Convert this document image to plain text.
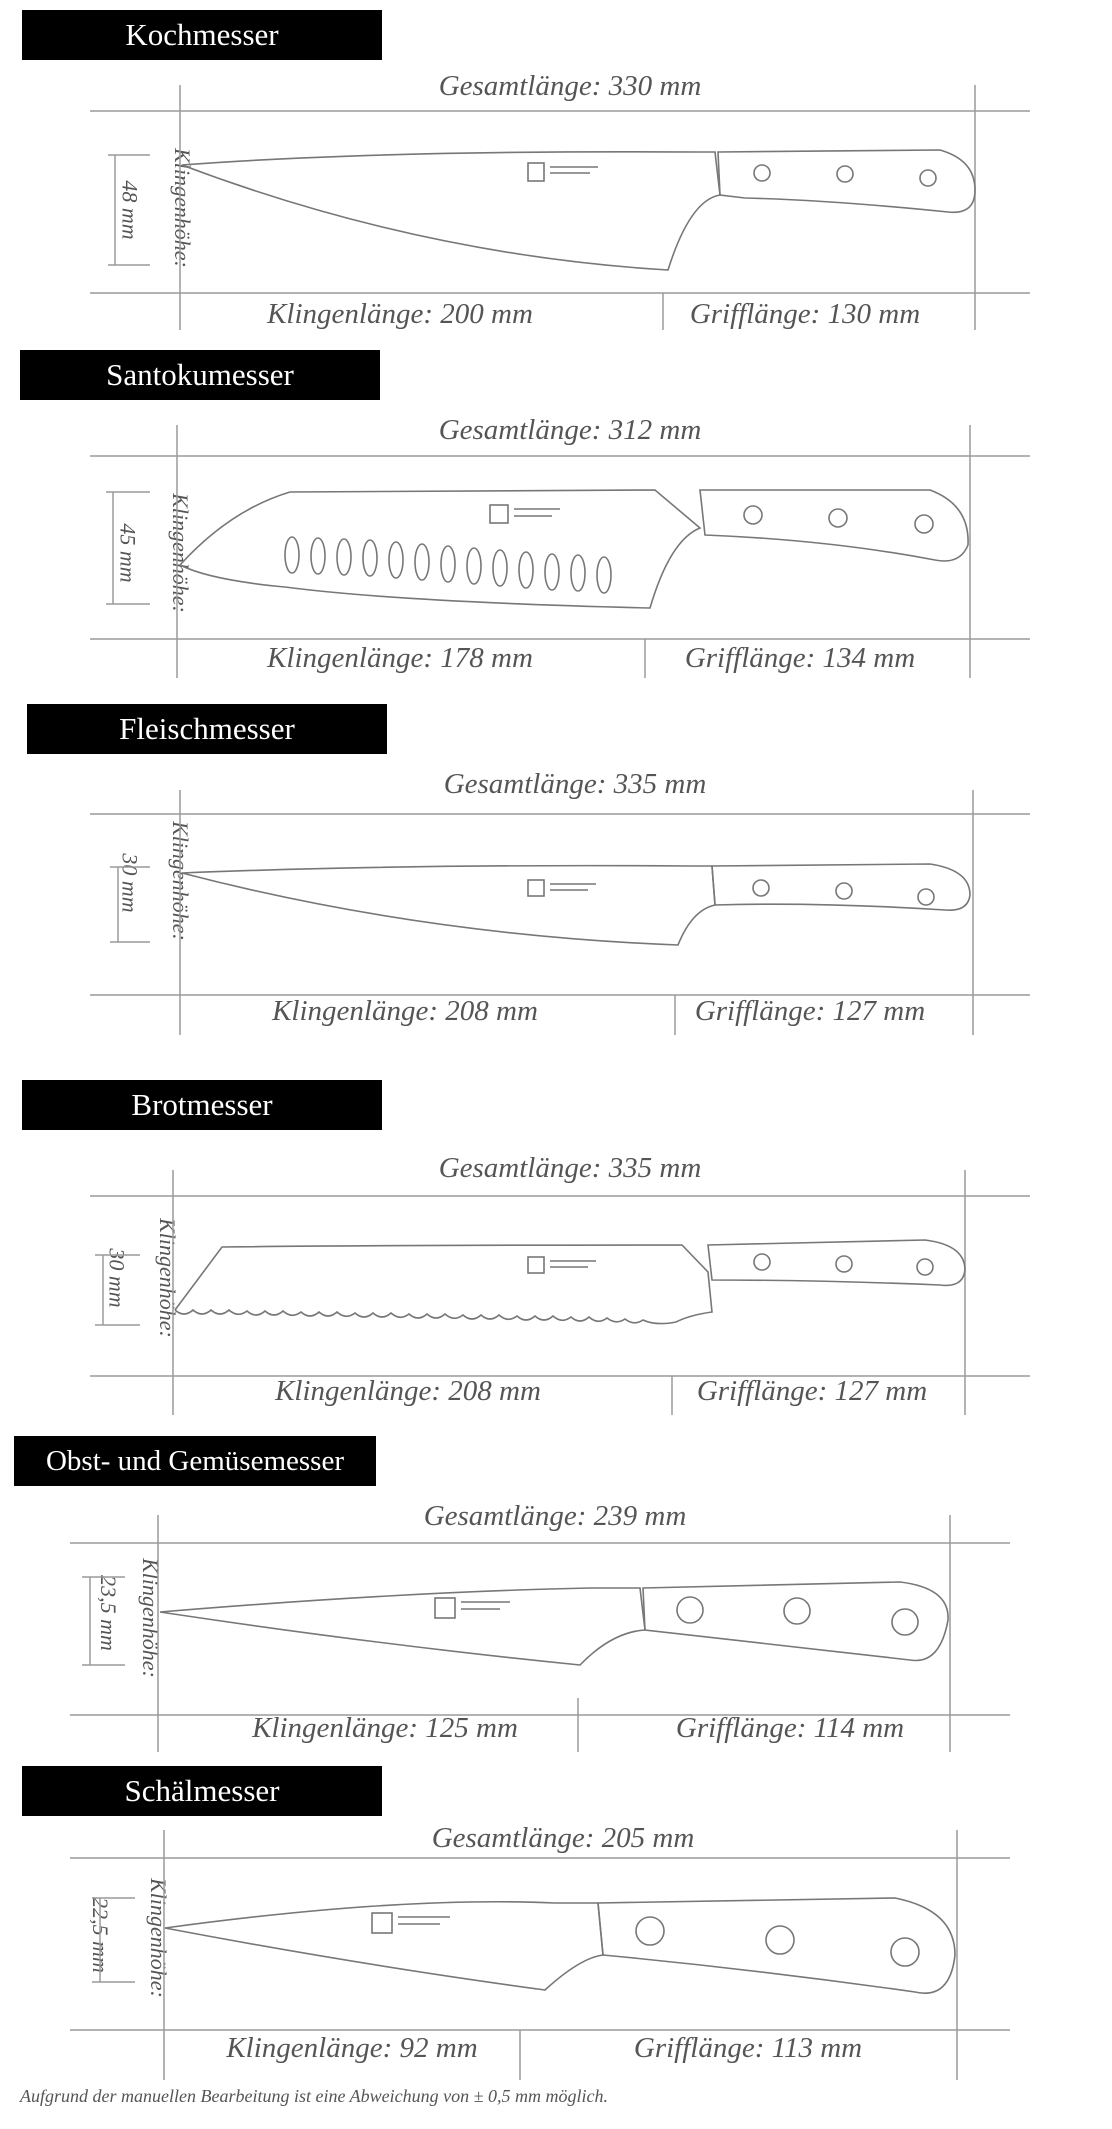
Kochmesser
Gesamtlänge: 330 mm
Klingenlänge: 200 mm	Grifflänge: 130 mm
Klingenhöhe:
48 mm
Santokumesser
Gesamtlänge: 312 mm
Klingenlänge: 178 mm	Grifflänge: 134 mm
Klingenhöhe:
45 mm
Fleischmesser
Gesamtlänge: 335 mm
Klingenlänge: 208 mm	Grifflänge: 127 mm
Klingenhöhe:
30 mm
Brotmesser
Gesamtlänge: 335 mm
Klingenlänge: 208 mm	Grifflänge: 127 mm
Klingenhöhe:
30 mm
Obst- und Gemüsemesser
Gesamtlänge: 239 mm
Klingenlänge: 125 mm	Grifflänge: 114 mm
Klingenhöhe:
23,5 mm
Schälmesser
Gesamtlänge: 205 mm
Klingenlänge: 92 mm	Grifflänge: 113 mm
Klingenhöhe:
22,5 mm
Aufgrund der manuellen Bearbeitung ist eine Abweichung von ± 0,5 mm möglich.
